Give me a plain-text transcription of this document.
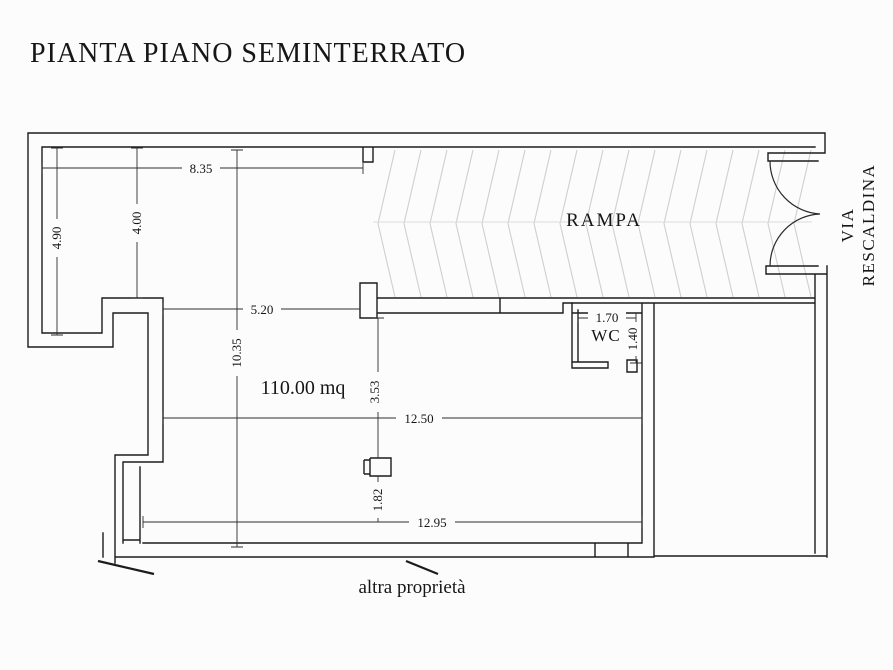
PIANTA PIANO SEMINTERRATO
8.35
4.90
4.00
5.20
10.35
3.53
12.50
1.82
12.95
1.70
1.40
RAMPA
110.00 mq
WC
altra proprietà
VIA RESCALDINA
